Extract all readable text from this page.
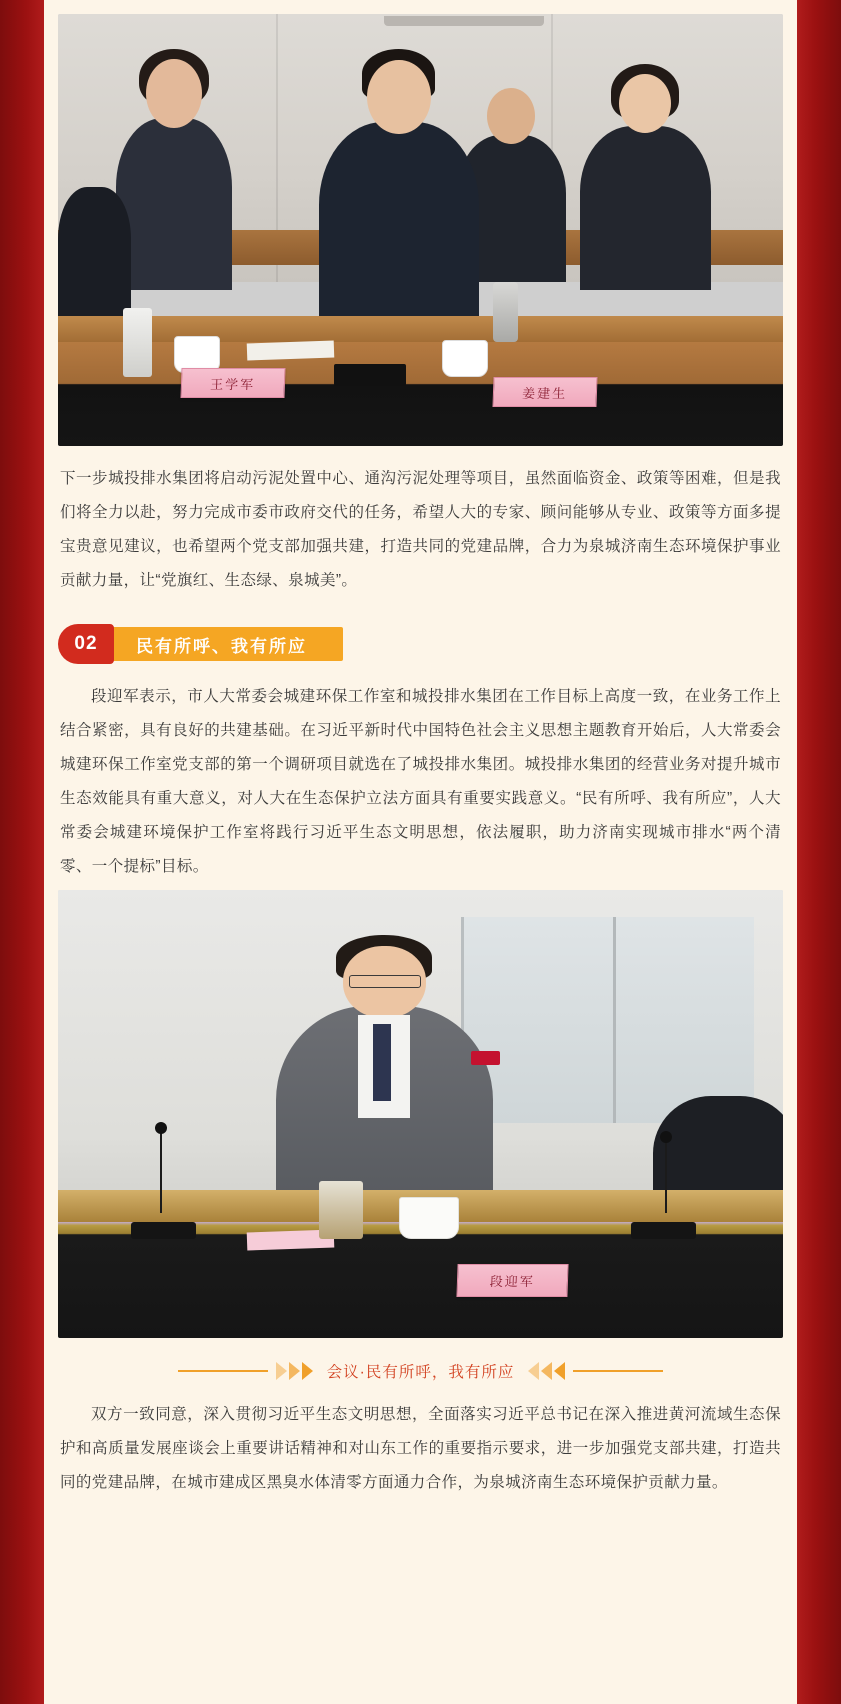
王学军
姜建生

下一步城投排水集团将启动污泥处置中心、通沟污泥处理等项目，虽然面临资金、政策等困难，但是我们将全力以赴，努力完成市委市政府交代的任务，希望人大的专家、顾问能够从专业、政策等方面多提宝贵意见建议，也希望两个党支部加强共建，打造共同的党建品牌，合力为泉城济南生态环境保护事业贡献力量，让“党旗红、生态绿、泉城美”。

02	民有所呼、我有所应

段迎军表示，市人大常委会城建环保工作室和城投排水集团在工作目标上高度一致，在业务工作上结合紧密，具有良好的共建基础。在习近平新时代中国特色社会主义思想主题教育开始后，人大常委会城建环保工作室党支部的第一个调研项目就选在了城投排水集团。城投排水集团的经营业务对提升城市生态效能具有重大意义，对人大在生态保护立法方面具有重要实践意义。“民有所呼、我有所应”，人大常委会城建环境保护工作室将践行习近平生态文明思想，依法履职，助力济南实现城市排水“两个清零、一个提标”目标。

段迎军
会议·民有所呼，我有所应

双方一致同意，深入贯彻习近平生态文明思想，全面落实习近平总书记在深入推进黄河流域生态保护和高质量发展座谈会上重要讲话精神和对山东工作的重要指示要求，进一步加强党支部共建，打造共同的党建品牌，在城市建成区黑臭水体清零方面通力合作，为泉城济南生态环境保护贡献力量。
